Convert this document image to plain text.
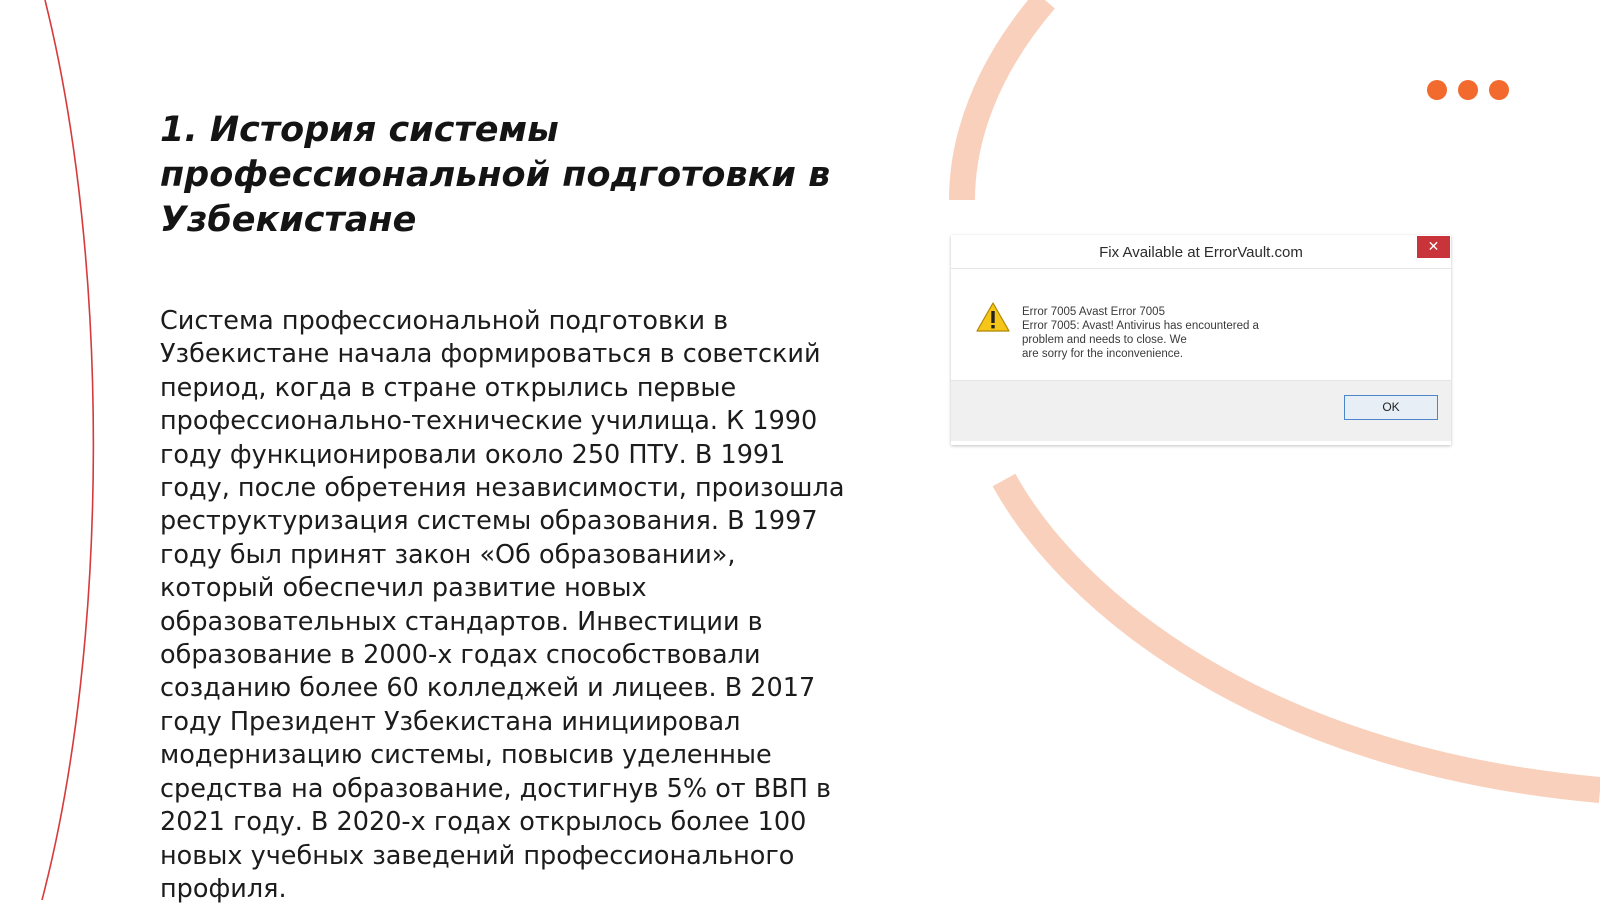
1. История системы профессиональной подготовки в Узбекистане

Система профессиональной подготовки в Узбекистане начала формироваться в советский период, когда в стране открылись первые профессионально-технические училища. К 1990 году функционировали около 250 ПТУ. В 1991 году, после обретения независимости, произошла реструктуризация системы образования. В 1997 году был принят закон «Об образовании», который обеспечил развитие новых образовательных стандартов. Инвестиции в образование в 2000-х годах способствовали созданию более 60 колледжей и лицеев. В 2017 году Президент Узбекистана инициировал модернизацию системы, повысив уделенные средства на образование, достигнув 5% от ВВП в 2021 году. В 2020-х годах открылось более 100 новых учебных заведений профессионального профиля.

Fix Available at ErrorVault.com	✕
Error 7005 Avast Error 7005
Error 7005: Avast! Antivirus has encountered a
problem and needs to close. We
are sorry for the inconvenience.
OK
